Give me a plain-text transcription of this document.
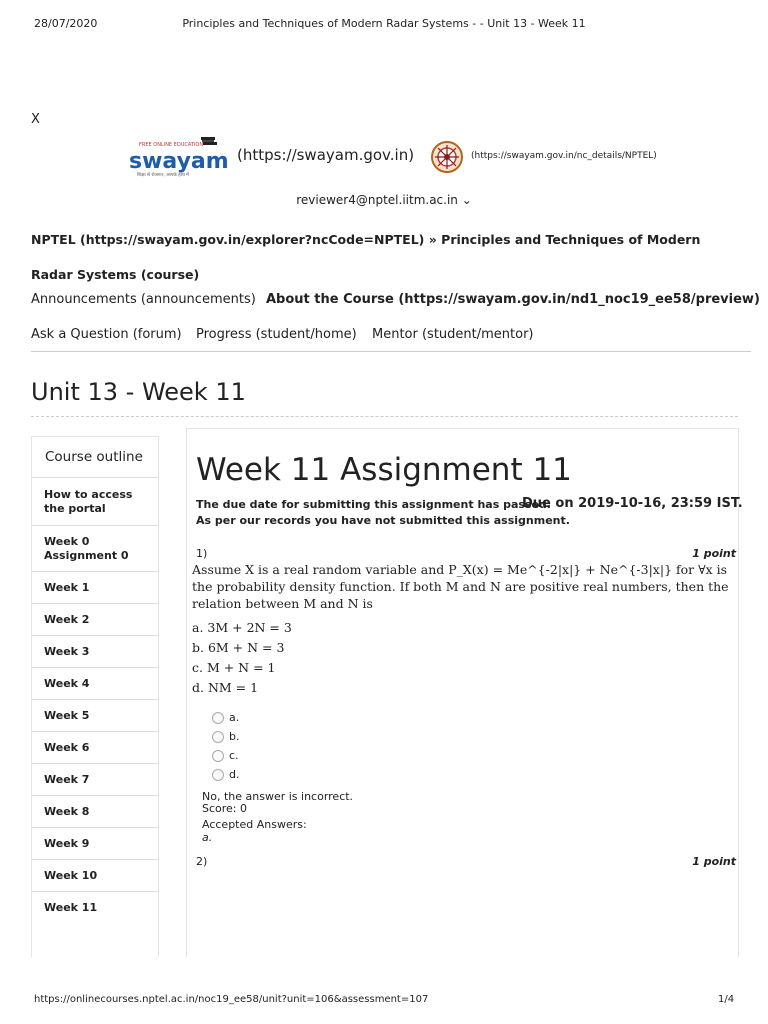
28/07/2020	Principles and Techniques of Modern Radar Systems - - Unit 13 - Week 11
X
FREE ONLINE EDUCATION
swayam
शिक्षा से रोजगार, आपके हाथ में
(https://swayam.gov.in)	(https://swayam.gov.in/nc_details/NPTEL)
reviewer4@nptel.iitm.ac.in ⌄
NPTEL (https://swayam.gov.in/explorer?ncCode=NPTEL) » Principles and Techniques of Modern Radar Systems (course)
Announcements (announcements) About the Course (https://swayam.gov.in/nd1_noc19_ee58/preview)
Ask a Question (forum) Progress (student/home) Mentor (student/mentor)
Unit 13 - Week 11
Course outline
How to access the portal
Week 0 Assignment 0
Week 1
Week 2
Week 3
Week 4
Week 5
Week 6
Week 7
Week 8
Week 9
Week 10
Week 11
Week 11 Assignment 11
The due date for submitting this assignment has passed.
Due on 2019-10-16, 23:59 IST.
As per our records you have not submitted this assignment.
1)	1 point
Assume X is a real random variable and P_X(x) = Me^{-2|x|} + Ne^{-3|x|} for ∀x is the probability density function. If both M and N are positive real numbers, then the relation between M and N is
a. 3M + 2N = 3
b. 6M + N = 3
c. M + N = 1
d. NM = 1
a.
b.
c.
d.
No, the answer is incorrect.
Score: 0
Accepted Answers:
a.
2)	1 point
https://onlinecourses.nptel.ac.in/noc19_ee58/unit?unit=106&assessment=107	1/4
